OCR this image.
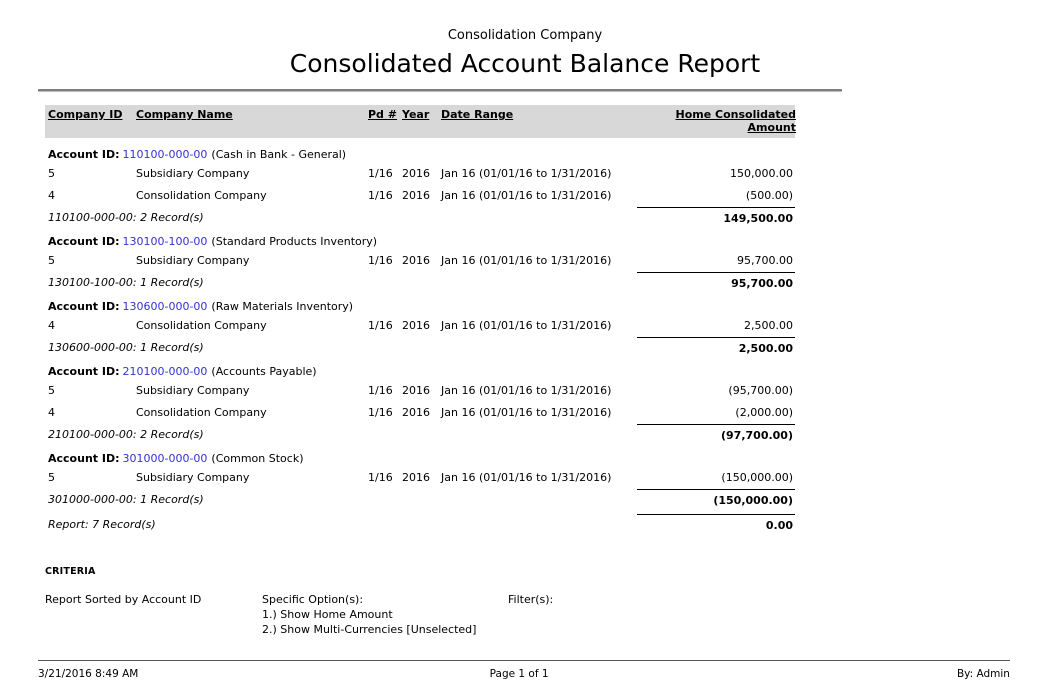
Consolidation Company
Consolidated Account Balance Report
Company ID	Company Name	Pd # Year	Date Range	Home Consolidated Amount
Account ID: 110100-000-00 (Cash in Bank - General)
5	Subsidiary Company	1/16 2016	Jan 16 (01/01/16 to 1/31/2016)	150,000.00
4	Consolidation Company	1/16 2016	Jan 16 (01/01/16 to 1/31/2016)	(500.00)
110100-000-00: 2 Record(s)	149,500.00
Account ID: 130100-100-00 (Standard Products Inventory)
5	Subsidiary Company	1/16 2016	Jan 16 (01/01/16 to 1/31/2016)	95,700.00
130100-100-00: 1 Record(s)	95,700.00
Account ID: 130600-000-00 (Raw Materials Inventory)
4	Consolidation Company	1/16 2016	Jan 16 (01/01/16 to 1/31/2016)	2,500.00
130600-000-00: 1 Record(s)	2,500.00
Account ID: 210100-000-00 (Accounts Payable)
5	Subsidiary Company	1/16 2016	Jan 16 (01/01/16 to 1/31/2016)	(95,700.00)
4	Consolidation Company	1/16 2016	Jan 16 (01/01/16 to 1/31/2016)	(2,000.00)
210100-000-00: 2 Record(s)	(97,700.00)
Account ID: 301000-000-00 (Common Stock)
5	Subsidiary Company	1/16 2016	Jan 16 (01/01/16 to 1/31/2016)	(150,000.00)
301000-000-00: 1 Record(s)	(150,000.00)
Report: 7 Record(s)	0.00
CRITERIA
Report Sorted by Account ID	Specific Option(s):
1.) Show Home Amount
2.) Show Multi-Currencies [Unselected]
Filter(s):
3/21/2016 8:49 AM	Page 1 of 1	By: Admin
